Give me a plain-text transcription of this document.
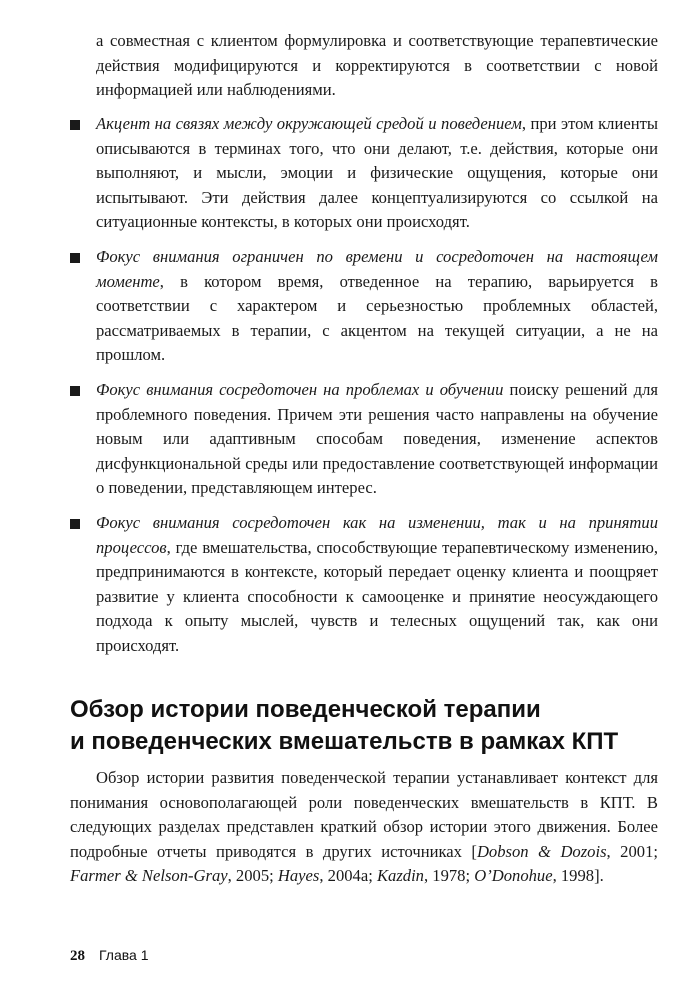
а совместная с клиентом формулировка и соответствующие терапевтические действия модифицируются и корректируются в соответствии с новой информацией или наблюдениями.

Акцент на связях между окружающей средой и поведением, при этом клиенты описываются в терминах того, что они делают, т.е. действия, которые они выполняют, и мысли, эмоции и физические ощущения, которые они испытывают. Эти действия далее концептуализируются со ссылкой на ситуационные контексты, в которых они происходят.
Фокус внимания ограничен по времени и сосредоточен на настоящем моменте, в котором время, отведенное на терапию, варьируется в соответствии с характером и серьезностью проблемных областей, рассматриваемых в терапии, с акцентом на текущей ситуации, а не на прошлом.
Фокус внимания сосредоточен на проблемах и обучении поиску решений для проблемного поведения. Причем эти решения часто направлены на обучение новым или адаптивным способам поведения, изменение аспектов дисфункциональной среды или предоставление соответствующей информации о поведении, представляющем интерес.
Фокус внимания сосредоточен как на изменении, так и на принятии процессов, где вмешательства, способствующие терапевтическому изменению, предпринимаются в контексте, который передает оценку клиента и поощряет развитие у клиента способности к самооценке и принятие неосуждающего подхода к опыту мыслей, чувств и телесных ощущений так, как они происходят.
Обзор истории поведенческой терапии
и поведенческих вмешательств в рамках КПТ

Обзор истории развития поведенческой терапии устанавливает контекст для понимания основополагающей роли поведенческих вмешательств в КПТ. В следующих разделах представлен краткий обзор истории этого движения. Более подробные отчеты приводятся в других источниках [Dobson & Dozois, 2001; Farmer & Nelson-Gray, 2005; Hayes, 2004a; Kazdin, 1978; O’Donohue, 1998].

28 Глава 1
